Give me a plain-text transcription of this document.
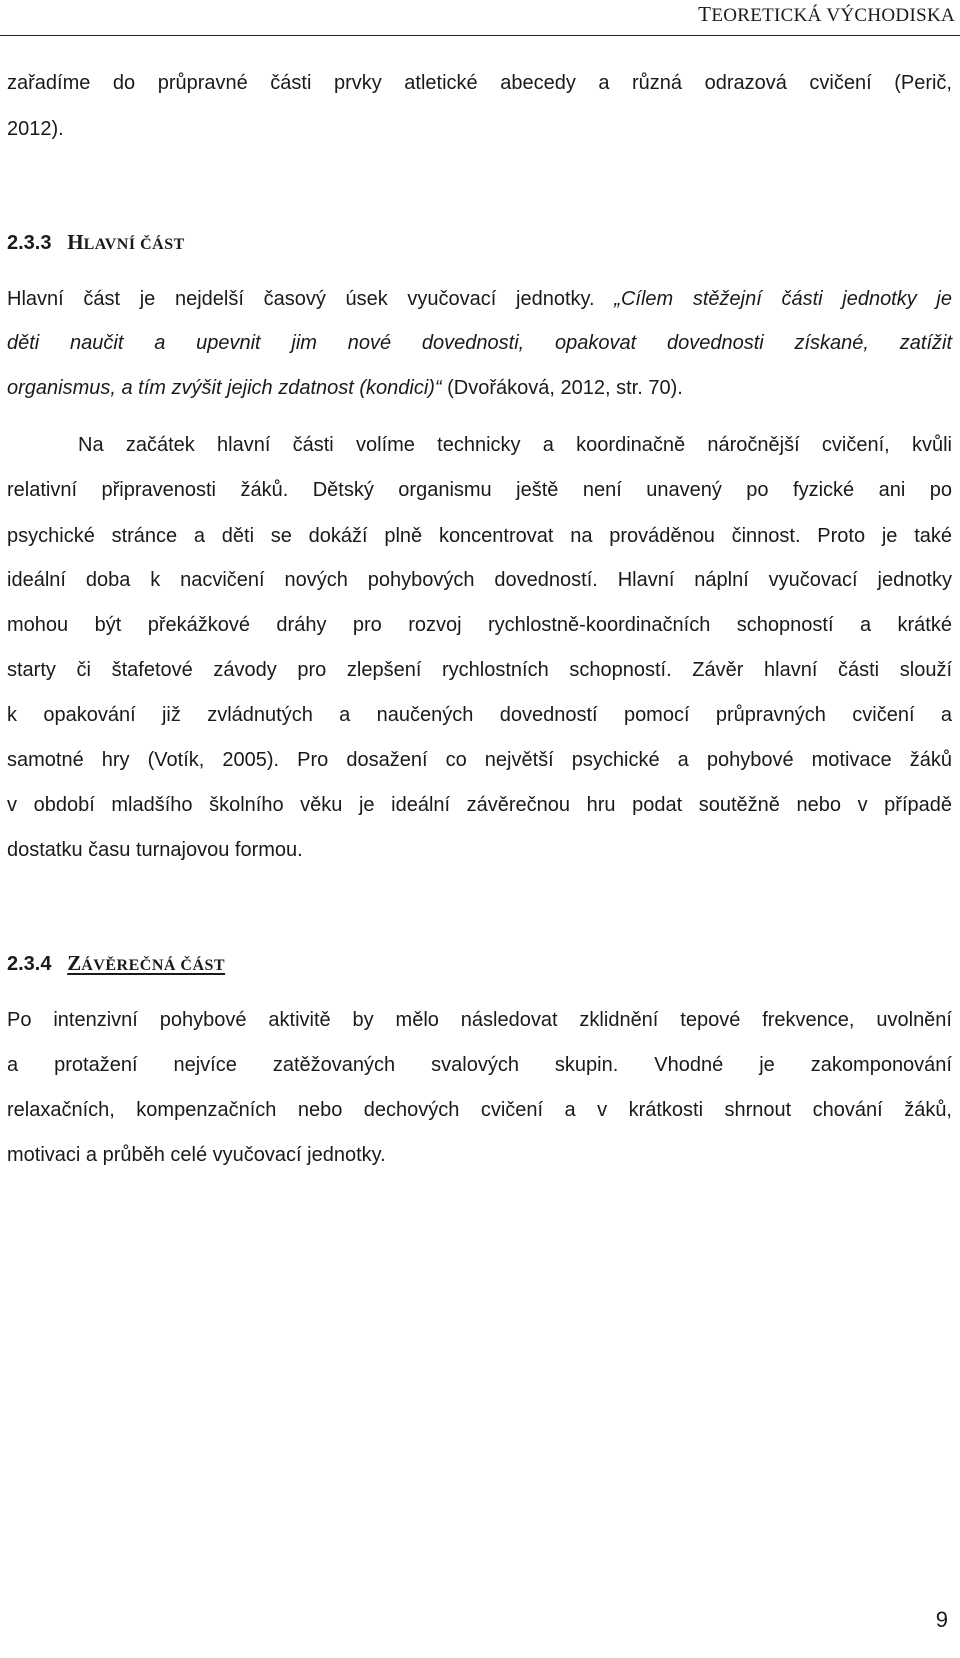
TEORETICKÁ VÝCHODISKA

zařadíme do průpravné části prvky atletické abecedy a různá odrazová cvičení (Perič,

2012).

2.3.3 HLAVNÍ ČÁST

Hlavní část je nejdelší časový úsek vyučovací jednotky. „Cílem stěžejní části jednotky je

děti naučit a upevnit jim nové dovednosti, opakovat dovednosti získané, zatížit

organismus, a tím zvýšit jejich zdatnost (kondici)“ (Dvořáková, 2012, str. 70).

Na začátek hlavní části volíme technicky a koordinačně náročnější cvičení, kvůli

relativní připravenosti žáků. Dětský organismu ještě není unavený po fyzické ani po

psychické stránce a děti se dokáží plně koncentrovat na prováděnou činnost. Proto je také

ideální doba k nacvičení nových pohybových dovedností. Hlavní náplní vyučovací jednotky

mohou být překážkové dráhy pro rozvoj rychlostně-koordinačních schopností a krátké

starty či štafetové závody pro zlepšení rychlostních schopností. Závěr hlavní části slouží

k opakování již zvládnutých a naučených dovedností pomocí průpravných cvičení a

samotné hry (Votík, 2005). Pro dosažení co největší psychické a pohybové motivace žáků

v období mladšího školního věku je ideální závěrečnou hru podat soutěžně nebo v případě

dostatku času turnajovou formou.

2.3.4 ZÁVĚREČNÁ ČÁST

Po intenzivní pohybové aktivitě by mělo následovat zklidnění tepové frekvence, uvolnění

a protažení nejvíce zatěžovaných svalových skupin. Vhodné je zakomponování

relaxačních, kompenzačních nebo dechových cvičení a v krátkosti shrnout chování žáků,

motivaci a průběh celé vyučovací jednotky.

9
